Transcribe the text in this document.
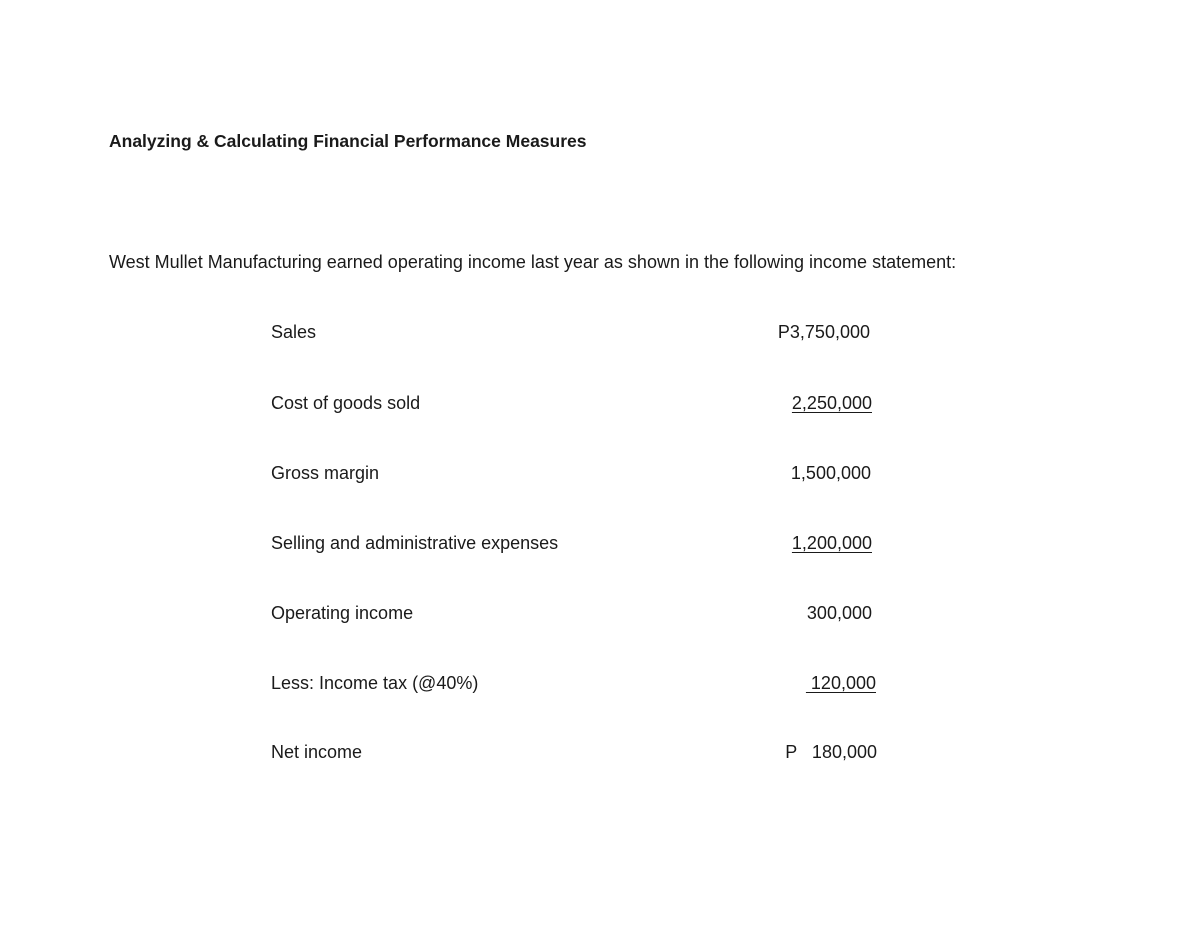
Analyzing & Calculating Financial Performance Measures
West Mullet Manufacturing earned operating income last year as shown in the following income statement:
Sales	P3,750,000
Cost of goods sold	2,250,000
Gross margin	1,500,000
Selling and administrative expenses	1,200,000
Operating income	300,000
Less: Income tax (@40%)	120,000
Net income	P   180,000
